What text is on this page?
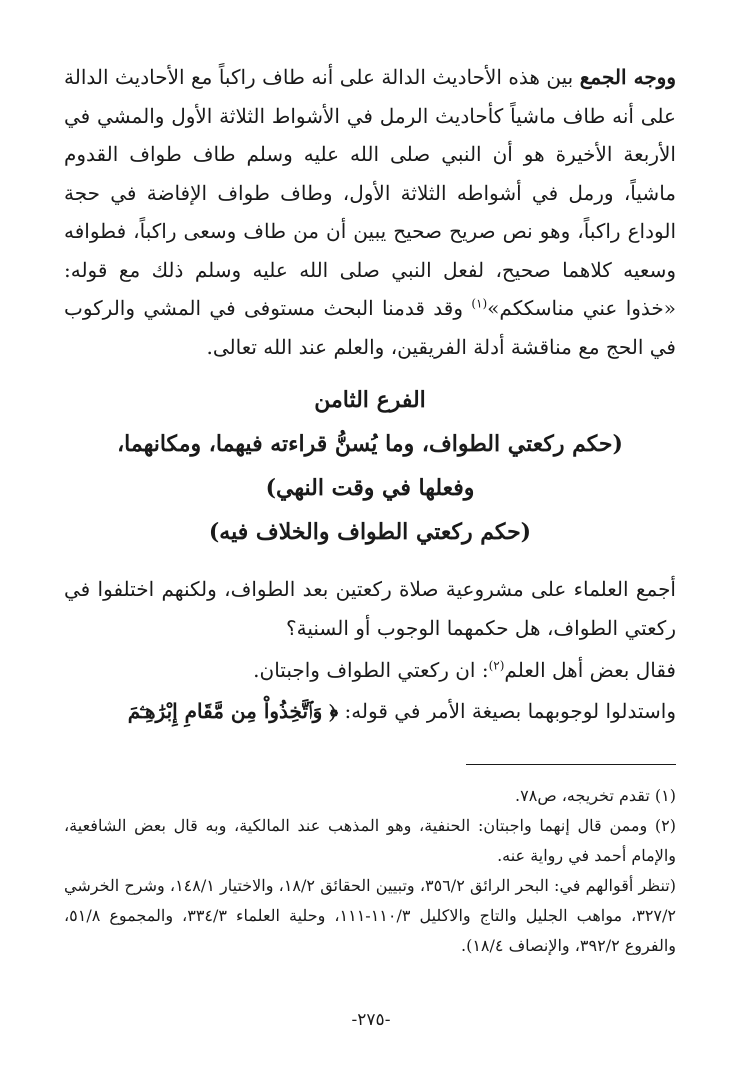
ووجه الجمع بين هذه الأحاديث الدالة على أنه طاف راكباً مع الأحاديث الدالة على أنه طاف ماشياً كأحاديث الرمل في الأشواط الثلاثة الأول والمشي في الأربعة الأخيرة هو أن النبي صلى الله عليه وسلم طاف طواف القدوم ماشياً، ورمل في أشواطه الثلاثة الأول، وطاف طواف الإفاضة في حجة الوداع راكباً، وهو نص صريح صحيح يبين أن من طاف وسعى راكباً، فطوافه وسعيه كلاهما صحيح، لفعل النبي صلى الله عليه وسلم ذلك مع قوله: «خذوا عني مناسككم»$^{(١)}$ وقد قدمنا البحث مستوفى في المشي والركوب في الحج مع مناقشة أدلة الفريقين، والعلم عند الله تعالى.

الفرع الثامن

(حكم ركعتي الطواف، وما يُسنُّ قراءته فيهما، ومكانهما،

وفعلها في وقت النهي)

(حكم ركعتي الطواف والخلاف فيه)

أجمع العلماء على مشروعية صلاة ركعتين بعد الطواف، ولكنهم اختلفوا في ركعتي الطواف، هل حكمهما الوجوب أو السنية؟

فقال بعض أهل العلم$^{(٢)}$: ان ركعتي الطواف واجبتان.

واستدلوا لوجوبهما بصيغة الأمر في قوله: ﴿ وَٱتَّخِذُواْ مِن مَّقَامِ إِبْرَٰهِـۧمَ

(١) تقدم تخريجه، ص٧٨.

(٢) وممن قال إنهما واجبتان: الحنفية، وهو المذهب عند المالكية، وبه قال بعض الشافعية، والإمام أحمد في رواية عنه.

(تنظر أقوالهم في: البحر الرائق ٣٥٦/٢، وتبيين الحقائق ١٨/٢، والاختيار ١٤٨/١، وشرح الخرشي ٣٢٧/٢، مواهب الجليل والتاج والاكليل ١١٠/٣-١١١، وحلية العلماء ٣٣٤/٣، والمجموع ٥١/٨، والفروع ٣٩٢/٢، والإنصاف ١٨/٤).

-٢٧٥-
